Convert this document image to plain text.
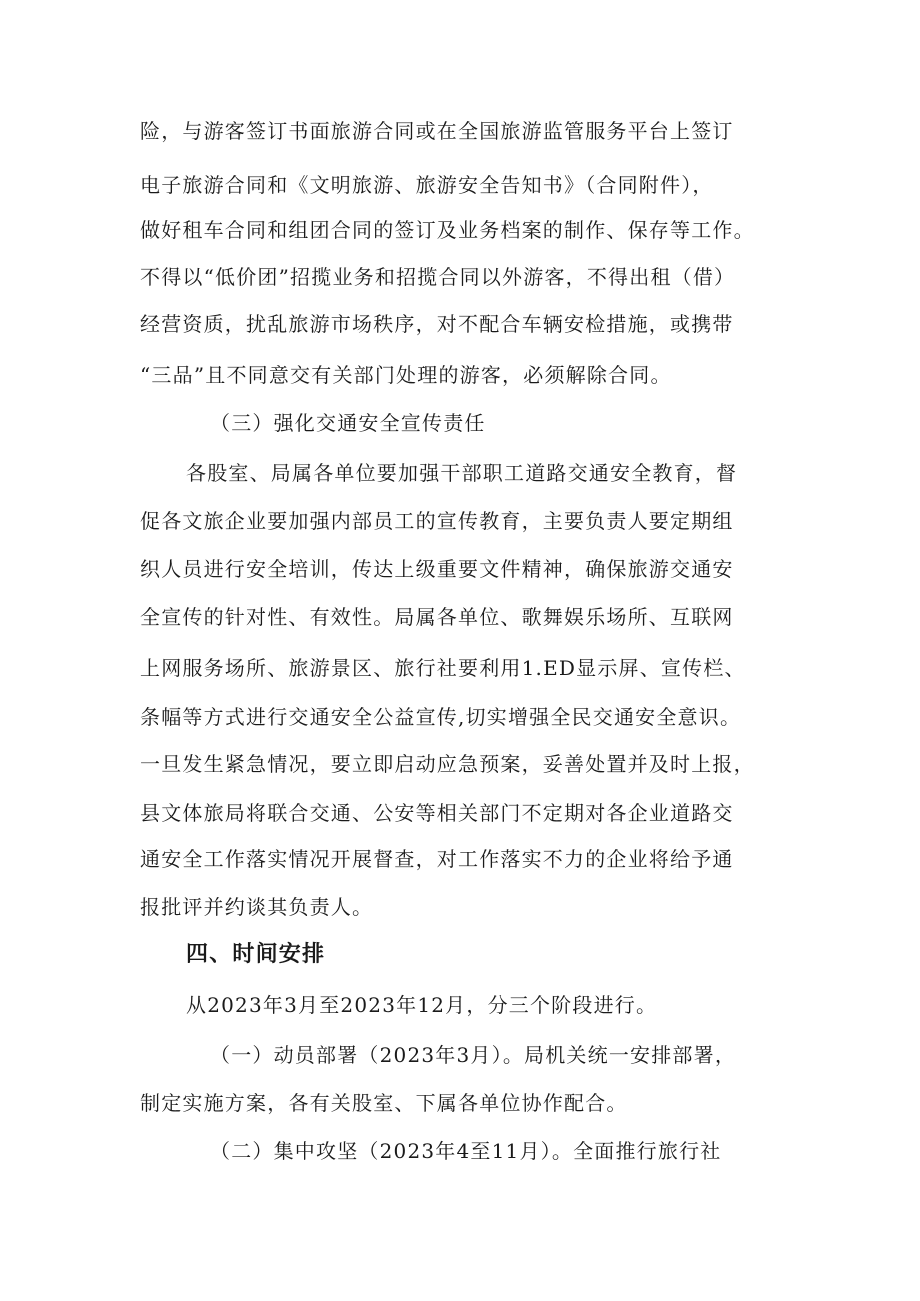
险，与游客签订书面旅游合同或在全国旅游监管服务平台上签订
电子旅游合同和《文明旅游、旅游安全告知书》（合同附件），
做好租车合同和组团合同的签订及业务档案的制作、保存等工作。
不得以“低价团”招揽业务和招揽合同以外游客，不得出租（借）
经营资质，扰乱旅游市场秩序，对不配合车辆安检措施，或携带
“三品”且不同意交有关部门处理的游客，必须解除合同。
（三）强化交通安全宣传责任
各股室、局属各单位要加强干部职工道路交通安全教育，督
促各文旅企业要加强内部员工的宣传教育，主要负责人要定期组
织人员进行安全培训，传达上级重要文件精神，确保旅游交通安
全宣传的针对性、有效性。局属各单位、歌舞娱乐场所、互联网
上网服务场所、旅游景区、旅行社要利用1.ED显示屏、宣传栏、
条幅等方式进行交通安全公益宣传,切实增强全民交通安全意识。
一旦发生紧急情况，要立即启动应急预案，妥善处置并及时上报，
县文体旅局将联合交通、公安等相关部门不定期对各企业道路交
通安全工作落实情况开展督查，对工作落实不力的企业将给予通
报批评并约谈其负责人。
四、时间安排
从2023年3月至2023年12月，分三个阶段进行。
（一）动员部署（2023年3月）。局机关统一安排部署，
制定实施方案，各有关股室、下属各单位协作配合。
（二）集中攻坚（2023年4至11月）。全面推行旅行社
